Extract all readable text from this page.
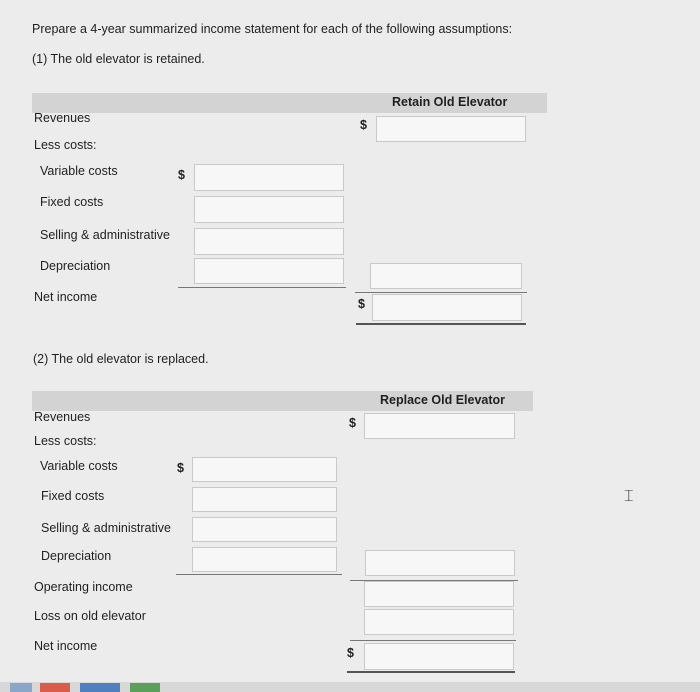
Prepare a 4-year summarized income statement for each of the following assumptions:
(1) The old elevator is retained.
Retain Old Elevator
Revenues	$
Less costs:
Variable costs	$
Fixed costs
Selling & administrative
Depreciation
Net income	$
(2) The old elevator is replaced.
Replace Old Elevator
Revenues	$
Less costs:
Variable costs	$
Fixed costs
Selling & administrative
Depreciation
Operating income
Loss on old elevator
Net income	$
⌶
